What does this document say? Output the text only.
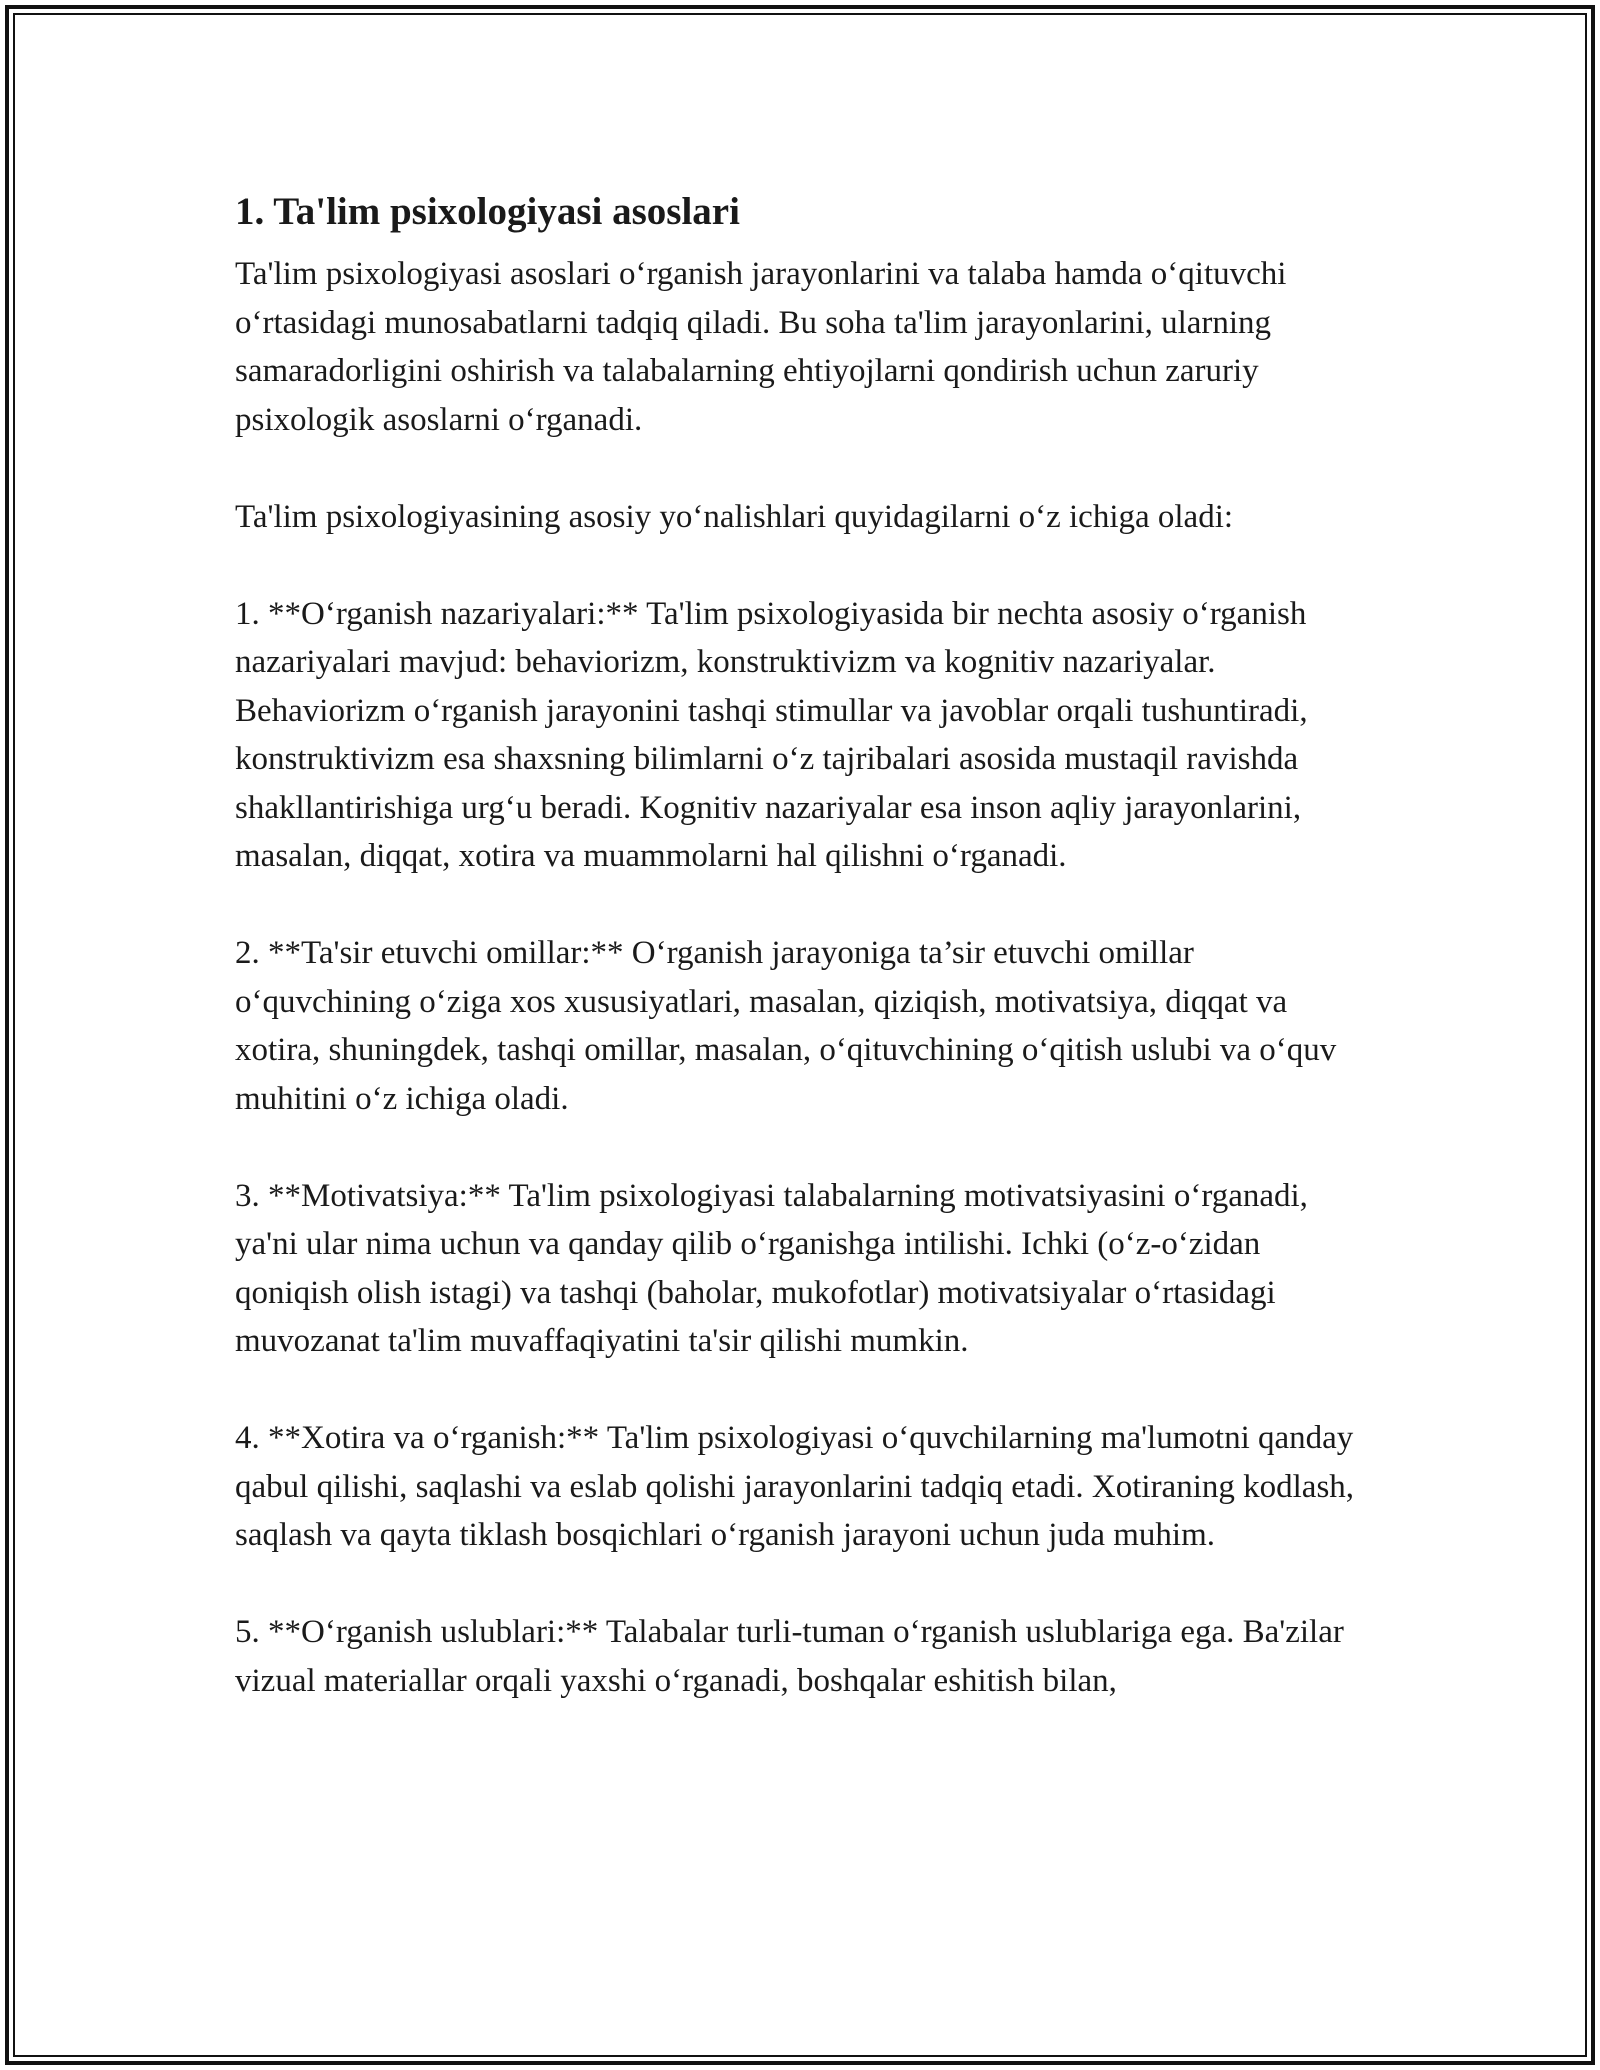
1. Ta'lim psixologiyasi asoslari

Ta'lim psixologiyasi asoslari o‘rganish jarayonlarini va talaba hamda o‘qituvchi o‘rtasidagi munosabatlarni tadqiq qiladi. Bu soha ta'lim jarayonlarini, ularning samaradorligini oshirish va talabalarning ehtiyojlarni qondirish uchun zaruriy psixologik asoslarni o‘rganadi.

Ta'lim psixologiyasining asosiy yo‘nalishlari quyidagilarni o‘z ichiga oladi:

1. **O‘rganish nazariyalari:** Ta'lim psixologiyasida bir nechta asosiy o‘rganish nazariyalari mavjud: behaviorizm, konstruktivizm va kognitiv nazariyalar. Behaviorizm o‘rganish jarayonini tashqi stimullar va javoblar orqali tushuntiradi, konstruktivizm esa shaxsning bilimlarni o‘z tajribalari asosida mustaqil ravishda shakllantirishiga urg‘u beradi. Kognitiv nazariyalar esa inson aqliy jarayonlarini, masalan, diqqat, xotira va muammolarni hal qilishni o‘rganadi.

2. **Ta'sir etuvchi omillar:** O‘rganish jarayoniga ta’sir etuvchi omillar o‘quvchining o‘ziga xos xususiyatlari, masalan, qiziqish, motivatsiya, diqqat va xotira, shuningdek, tashqi omillar, masalan, o‘qituvchining o‘qitish uslubi va o‘quv muhitini o‘z ichiga oladi.

3. **Motivatsiya:** Ta'lim psixologiyasi talabalarning motivatsiyasini o‘rganadi, ya'ni ular nima uchun va qanday qilib o‘rganishga intilishi. Ichki (o‘z-o‘zidan qoniqish olish istagi) va tashqi (baholar, mukofotlar) motivatsiyalar o‘rtasidagi muvozanat ta'lim muvaffaqiyatini ta'sir qilishi mumkin.

4. **Xotira va o‘rganish:** Ta'lim psixologiyasi o‘quvchilarning ma'lumotni qanday qabul qilishi, saqlashi va eslab qolishi jarayonlarini tadqiq etadi. Xotiraning kodlash, saqlash va qayta tiklash bosqichlari o‘rganish jarayoni uchun juda muhim.

5. **O‘rganish uslublari:** Talabalar turli-tuman o‘rganish uslublariga ega. Ba'zilar vizual materiallar orqali yaxshi o‘rganadi, boshqalar eshitish bilan,
